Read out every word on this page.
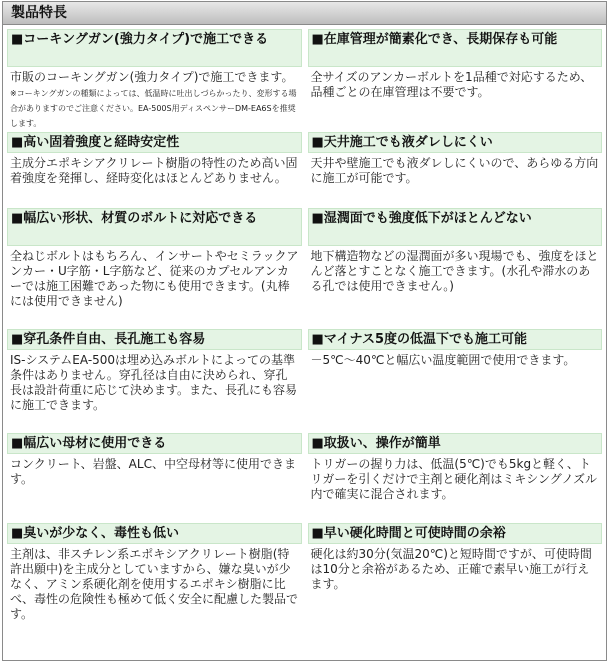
製品特長
■コーキングガン(強力タイプ)で施工できる
市販のコーキングガン(強力タイプ)で施工できます。※コーキングガンの種類によっては、低温時に吐出しづらかったり、変形する場合がありますのでご注意ください。EA-500S用ディスペンサーDM-EA6Sを推奨します。
■在庫管理が簡素化でき、長期保存も可能
全サイズのアンカーボルトを1品種で対応するため、品種ごとの在庫管理は不要です。
■高い固着強度と経時安定性
主成分エポキシアクリレート樹脂の特性のため高い固着強度を発揮し、経時変化はほとんどありません。
■天井施工でも液ダレしにくい
天井や壁施工でも液ダレしにくいので、あらゆる方向に施工が可能です。
■幅広い形状、材質のボルトに対応できる
全ねじボルトはもちろん、インサートやセミラックアンカー・U字筋・L字筋など、従来のカプセルアンカーでは施工困難であった物にも使用できます。(丸棒には使用できません)
■湿潤面でも強度低下がほとんどない
地下構造物などの湿潤面が多い現場でも、強度をほとんど落とすことなく施工できます。(水孔や滞水のある孔では使用できません。)
■穿孔条件自由、長孔施工も容易
IS-システムEA-500は埋め込みボルトによっての基準条件はありません。穿孔径は自由に決められ、穿孔長は設計荷重に応じて決めます。また、長孔にも容易に施工できます。
■マイナス5度の低温下でも施工可能
－5℃～40℃と幅広い温度範囲で使用できます。
■幅広い母材に使用できる
コンクリート、岩盤、ALC、中空母材等に使用できます。
■取扱い、操作が簡単
トリガーの握り力は、低温(5℃)でも5kgと軽く、トリガーを引くだけで主剤と硬化剤はミキシングノズル内で確実に混合されます。
■臭いが少なく、毒性も低い
主剤は、非スチレン系エポキシアクリレート樹脂(特許出願中)を主成分としていますから、嫌な臭いが少なく、アミン系硬化剤を使用するエポキシ樹脂に比べ、毒性の危険性も極めて低く安全に配慮した製品です。
■早い硬化時間と可使時間の余裕
硬化は約30分(気温20℃)と短時間ですが、可使時間は10分と余裕があるため、正確で素早い施工が行えます。
